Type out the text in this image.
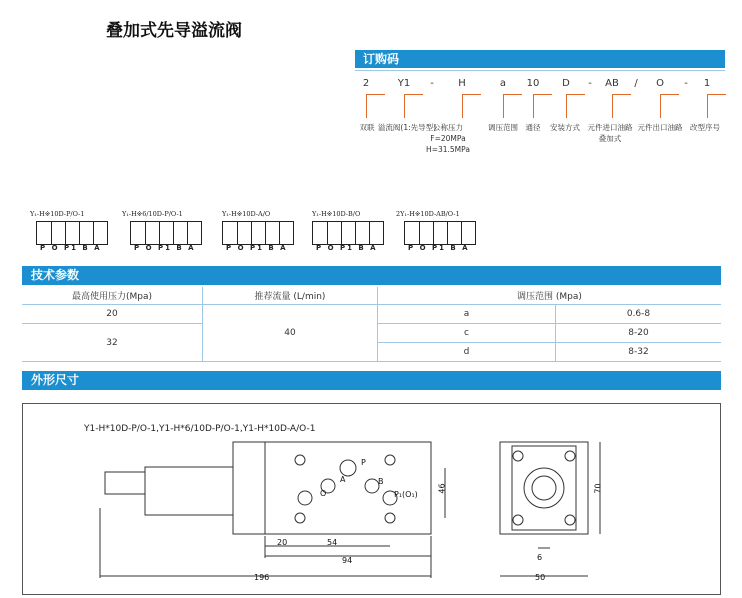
叠加式先导溢流阀
订购码
2	Y1 - H	a 10 D - AB / O - 1
双联 溢流阀(1:先导型)
公称压力
F=20MPa
H=31.5MPa
调压范围 通径 安装方式 元件进口油路
叠加式
元件出口油路 改型序号
Y₁-H※10D-P/O-1
P O P1 B A
Y₁-H※6/10D-P/O-1
P O P1 B A
Y₁-H※10D-A/O
P O P1 B A
Y₁-H※10D-B/O
P O P1 B A
2Y₁-H※10D-AB/O-1
P O P1 B A
技术参数
最高使用压力(Mpa)	推荐流量 (L/min)	调压范围 (Mpa)	
20	40	a	0.6-8
32		c	8-20
		d	8-32
外形尺寸
Y1-H*10D-P/O-1,Y1-H*6/10D-P/O-1,Y1-H*10D-A/O-1
20	54
94
196
46	70
6
50
P
A	B
O	P₁(O₁)
